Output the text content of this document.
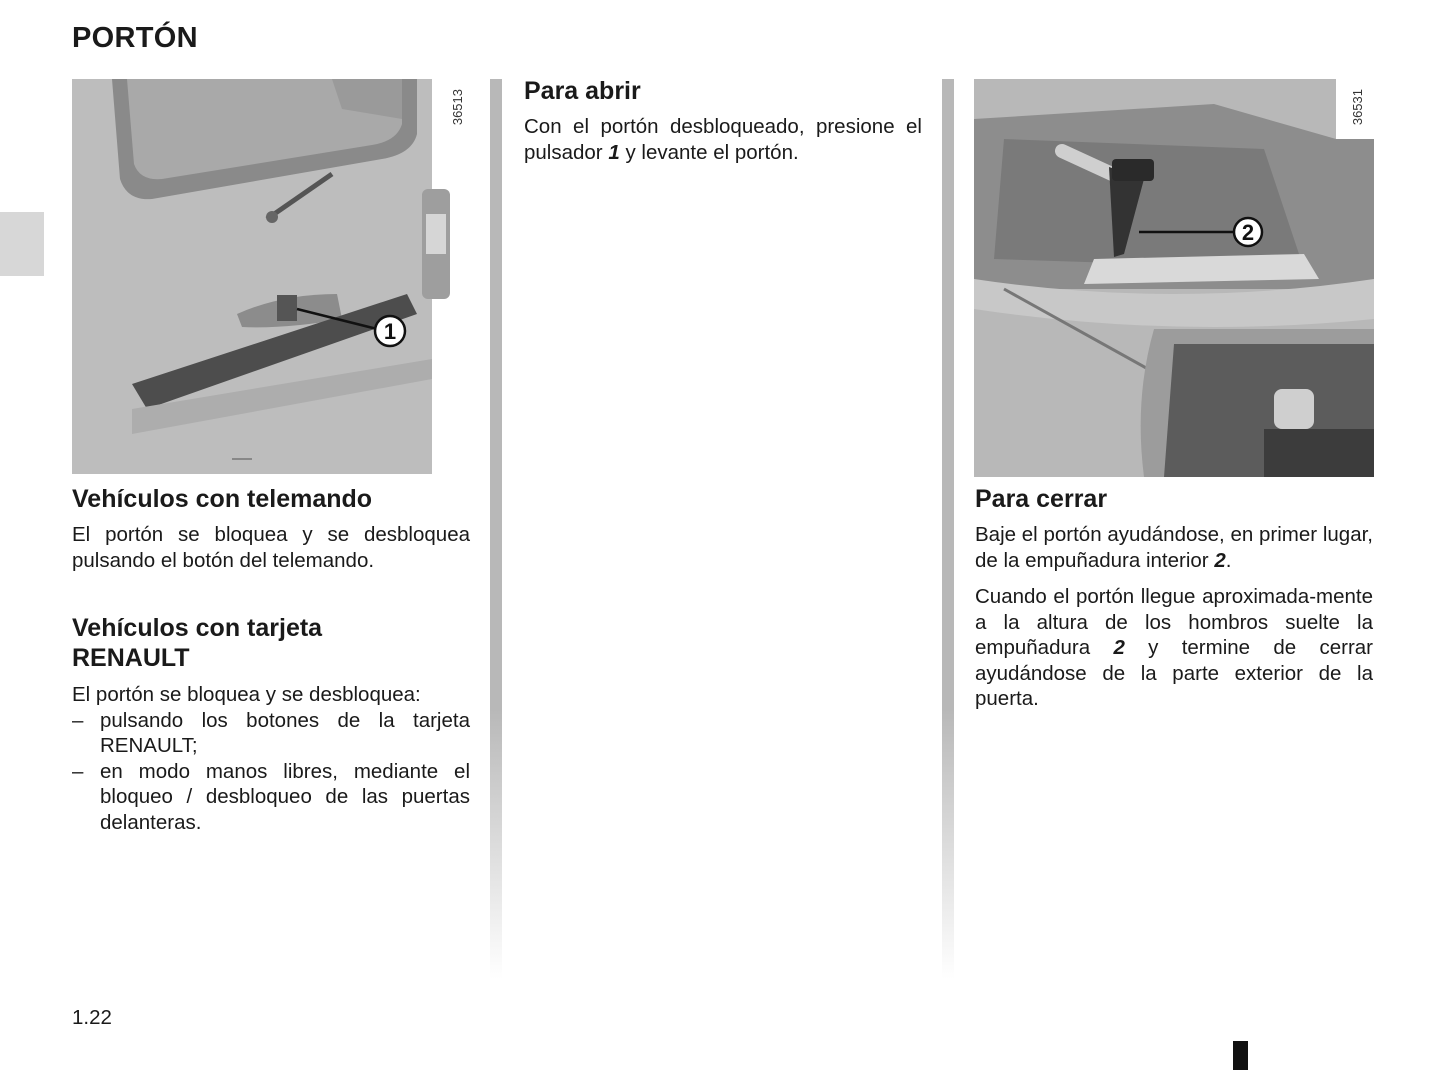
PORTÓN
1
36513
2
36531
Vehículos con telemando

El portón se bloquea y se desbloquea pulsando el botón del telemando.

Vehículos con tarjeta
RENAULT

El portón se bloquea y se desbloquea:

– pulsando los botones de la tarjeta RENAULT;
– en modo manos libres, mediante el bloqueo / desbloqueo de las puertas delanteras.
Para abrir

Con el portón desbloqueado, presione el pulsador 1 y levante el portón.

Para cerrar

Baje el portón ayudándose, en primer lugar, de la empuñadura interior 2.

Cuando el portón llegue aproximada-mente a la altura de los hombros suelte la empuñadura 2 y termine de cerrar ayudándose de la parte exterior de la puerta.

1.22
